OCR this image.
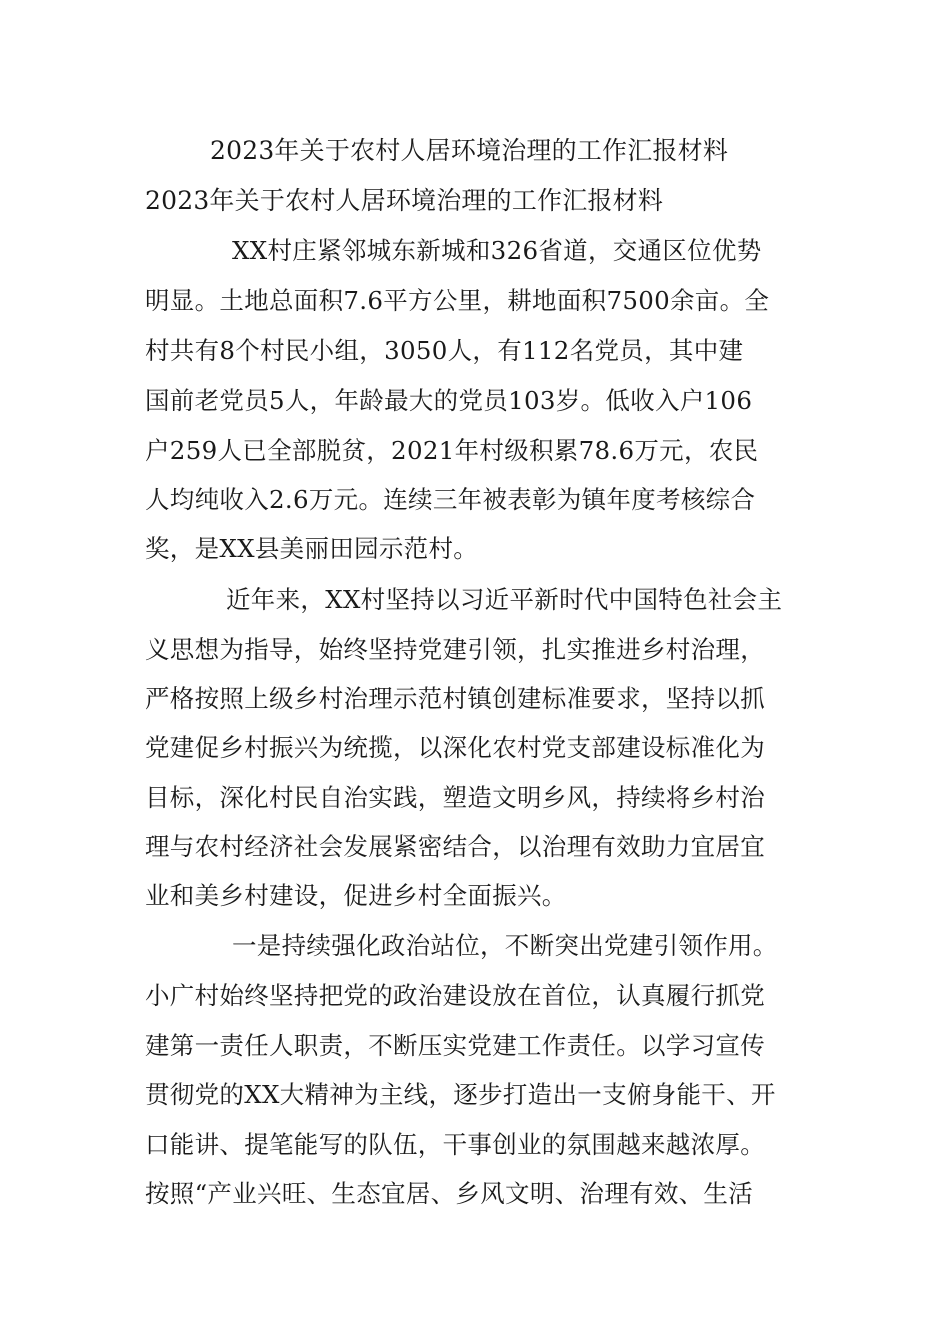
2023年关于农村人居环境治理的工作汇报材料
2023年关于农村人居环境治理的工作汇报材料
XX村庄紧邻城东新城和326省道，交通区位优势
明显。土地总面积7.6平方公里，耕地面积7500余亩。全
村共有8个村民小组，3050人，有112名党员，其中建
国前老党员5人，年龄最大的党员103岁。低收入户106
户259人已全部脱贫，2021年村级积累78.6万元，农民
人均纯收入2.6万元。连续三年被表彰为镇年度考核综合
奖，是XX县美丽田园示范村。
近年来，XX村坚持以习近平新时代中国特色社会主
义思想为指导，始终坚持党建引领，扎实推进乡村治理，
严格按照上级乡村治理示范村镇创建标准要求，坚持以抓
党建促乡村振兴为统揽，以深化农村党支部建设标准化为
目标，深化村民自治实践，塑造文明乡风，持续将乡村治
理与农村经济社会发展紧密结合，以治理有效助力宜居宜
业和美乡村建设，促进乡村全面振兴。
一是持续强化政治站位，不断突出党建引领作用。
小广村始终坚持把党的政治建设放在首位，认真履行抓党
建第一责任人职责，不断压实党建工作责任。以学习宣传
贯彻党的XX大精神为主线，逐步打造出一支俯身能干、开
口能讲、提笔能写的队伍，干事创业的氛围越来越浓厚。
按照“产业兴旺、生态宜居、乡风文明、治理有效、生活
